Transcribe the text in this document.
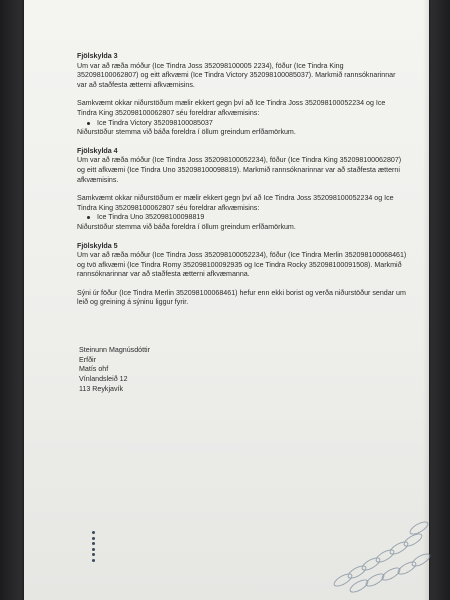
Fjölskylda 3

Um var að ræða móður (Ice Tindra Joss 352098100005 2234), föður (Ice Tindra King 352098100062807) og eitt afkvæmi (Ice Tindra Victory 352098100085037). Markmið rannsóknarinnar var að staðfesta ætterni afkvæmisins.

Samkvæmt okkar niðurstöðum mælir ekkert gegn því að Ice Tindra Joss 352098100052234 og Ice Tindra King 352098100062807 séu foreldrar afkvæmisins:

Ice Tindra Victory 352098100085037

Niðurstöður stemma við báða foreldra í öllum greindum erfðamörkum.

Fjölskylda 4

Um var að ræða móður (Ice Tindra Joss 352098100052234), föður (Ice Tindra King 352098100062807) og eitt afkvæmi (Ice Tindra Uno 352098100098819). Markmið rannsóknarinnar var að staðfesta ætterni afkvæmisins.

Samkvæmt okkar niðurstöðum er mælir ekkert gegn því að Ice Tindra Joss 352098100052234 og Ice Tindra King 352098100062807 séu foreldrar afkvæmisins:

Ice Tindra Uno 352098100098819

Niðurstöður stemma við báða foreldra í öllum greindum erfðamörkum.

Fjölskylda 5

Um var að ræða móður (Ice Tindra Joss 352098100052234), föður (Ice Tindra Merlin 352098100068461) og tvö afkvæmi (Ice Tindra Romy 352098100092935 og Ice Tindra Rocky 352098100091508). Markmið rannsóknarinnar var að staðfesta ætterni afkvæmanna.

Sýni úr föður (Ice Tindra Merlin 352098100068461) hefur enn ekki borist og verða niðurstöður sendar um leið og greining á sýninu liggur fyrir.

Steinunn Magnúsdóttir
Erfðir
Matís ohf
Vínlandsleið 12
113 Reykjavík
